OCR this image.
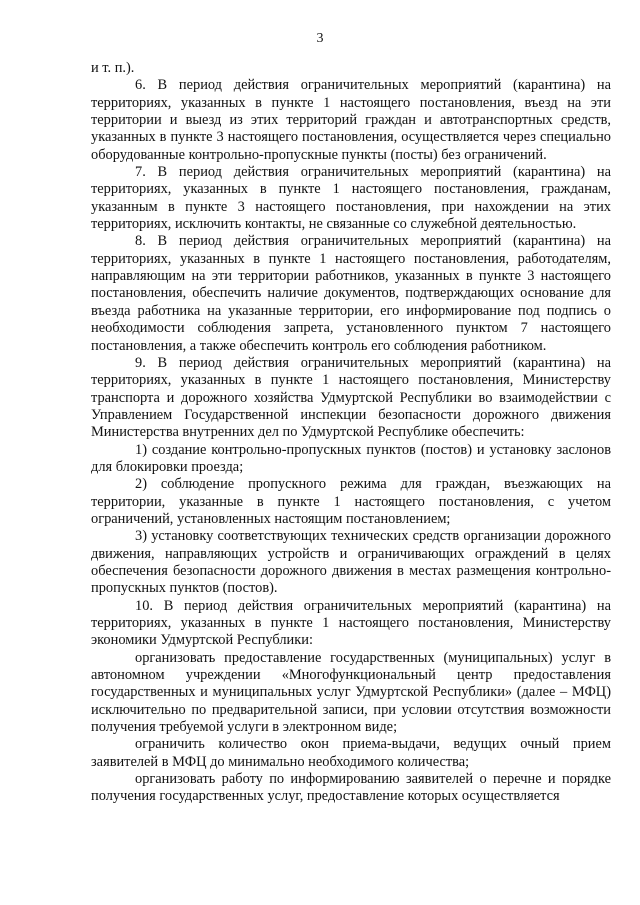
3

и т. п.).

6. В период действия ограничительных мероприятий (карантина) на территориях, указанных в пункте 1 настоящего постановления, въезд на эти территории и выезд из этих территорий граждан и автотранспортных средств, указанных в пункте 3 настоящего постановления, осуществляется через специально оборудованные контрольно-пропускные пункты (посты) без ограничений.

7. В период действия ограничительных мероприятий (карантина) на территориях, указанных в пункте 1 настоящего постановления, гражданам, указанным в пункте 3 настоящего постановления, при нахождении на этих территориях, исключить контакты, не связанные со служебной деятельностью.

8. В период действия ограничительных мероприятий (карантина) на территориях, указанных в пункте 1 настоящего постановления, работодателям, направляющим на эти территории работников, указанных в пункте 3 настоящего постановления, обеспечить наличие документов, подтверждающих основание для въезда работника на указанные территории, его информирование под подпись о необходимости соблюдения запрета, установленного пунктом 7 настоящего постановления, а также обеспечить контроль его соблюдения работником.

9. В период действия ограничительных мероприятий (карантина) на территориях, указанных в пункте 1 настоящего постановления, Министерству транспорта и дорожного хозяйства Удмуртской Республики во взаимодействии с Управлением Государственной инспекции безопасности дорожного движения Министерства внутренних дел по Удмуртской Республике обеспечить:

1) создание контрольно-пропускных пунктов (постов) и установку заслонов для блокировки проезда;

2) соблюдение пропускного режима для граждан, въезжающих на территории, указанные в пункте 1 настоящего постановления, с учетом ограничений, установленных настоящим постановлением;

3) установку соответствующих технических средств организации дорожного движения, направляющих устройств и ограничивающих ограждений в целях обеспечения безопасности дорожного движения в местах размещения контрольно-пропускных пунктов (постов).

10. В период действия ограничительных мероприятий (карантина) на территориях, указанных в пункте 1 настоящего постановления, Министерству экономики Удмуртской Республики:

организовать предоставление государственных (муниципальных) услуг в автономном учреждении «Многофункциональный центр предоставления государственных и муниципальных услуг Удмуртской Республики» (далее – МФЦ) исключительно по предварительной записи, при условии отсутствия возможности получения требуемой услуги в электронном виде;

ограничить количество окон приема-выдачи, ведущих очный прием заявителей в МФЦ до минимально необходимого количества;

организовать работу по информированию заявителей о перечне и порядке получения государственных услуг, предоставление которых осуществляется
